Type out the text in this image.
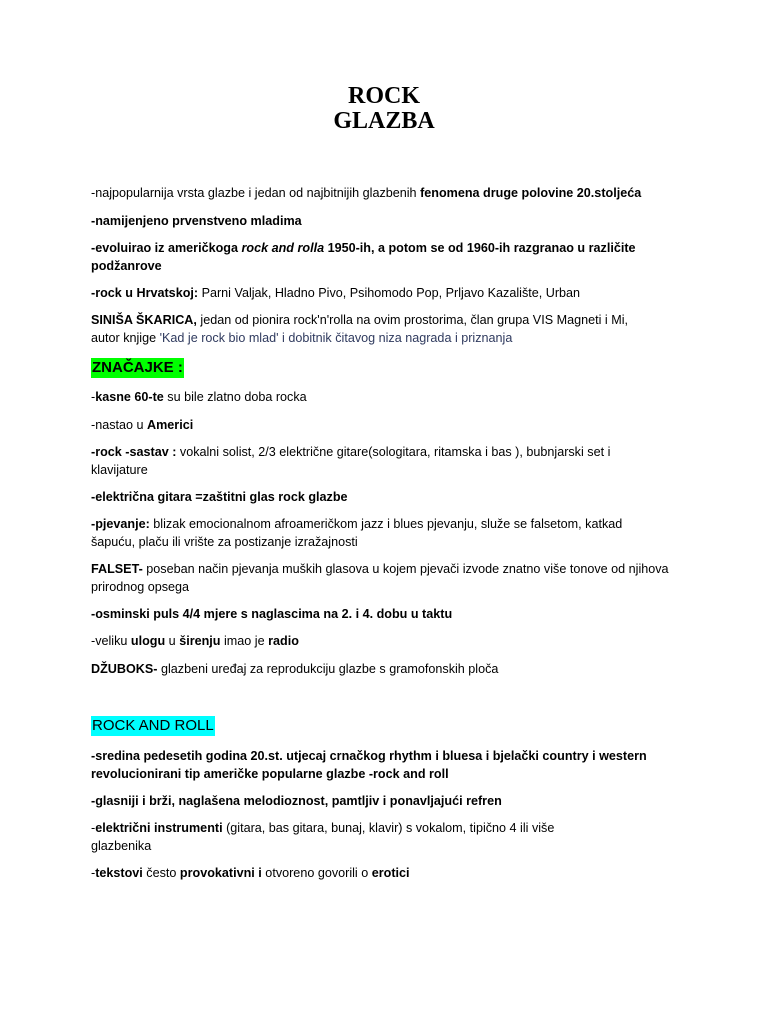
ROCK
GLAZBA
-najpopularnija vrsta glazbe i jedan od najbitnijih glazbenih fenomena druge polovine 20.stoljeća
-namijenjeno prvenstveno mladima
-evoluirao iz američkoga rock and rolla 1950-ih, a potom se od 1960-ih razgranao u različite
podžanrove
-rock u Hrvatskoj: Parni Valjak, Hladno Pivo, Psihomodo Pop, Prljavo Kazalište, Urban
SINIŠA ŠKARICA, jedan od pionira rock'n'rolla na ovim prostorima, član grupa VIS Magneti i Mi,
autor knjige 'Kad je rock bio mlad' i dobitnik čitavog niza nagrada i priznanja
ZNAČAJKE :
-kasne 60-te su bile zlatno doba rocka
-nastao u Americi
-rock -sastav : vokalni solist, 2/3 električne gitare(sologitara, ritamska i bas ), bubnjarski set i
klavijature
-električna gitara =zaštitni glas rock glazbe
-pjevanje: blizak emocionalnom afroameričkom jazz i blues pjevanju, služe se falsetom, katkad
šapuću, plaču ili vrište za postizanje izražajnosti
FALSET- poseban način pjevanja muških glasova u kojem pjevači izvode znatno više tonove od njihova
prirodnog opsega
-osminski puls 4/4 mjere s naglascima na 2. i 4. dobu u taktu
-veliku ulogu u širenju imao je radio
DŽUBOKS- glazbeni uređaj za reprodukciju glazbe s gramofonskih ploča
ROCK AND ROLL
-sredina pedesetih godina 20.st. utjecaj crnačkog rhythm i bluesa i bjelački country i western
revolucionirani tip američke popularne glazbe -rock and roll
-glasniji i brži, naglašena melodioznost, pamtljiv i ponavljajući refren
-električni instrumenti (gitara, bas gitara, bunaj, klavir) s vokalom, tipično 4 ili više
glazbenika
-tekstovi često provokativni i otvoreno govorili o erotici
